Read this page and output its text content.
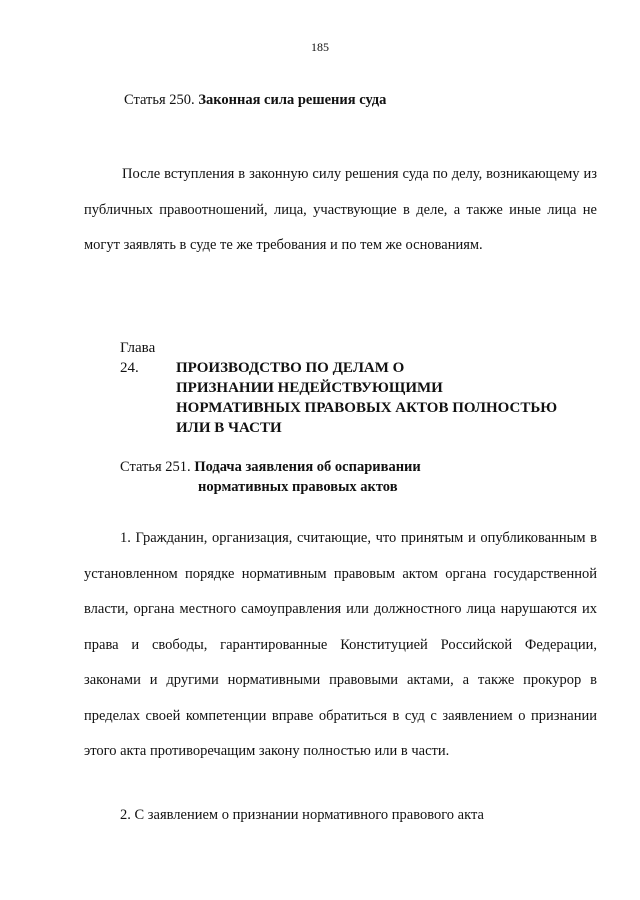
185
Статья 250. Законная сила решения суда
После вступления в законную силу решения суда по делу, возникающему из публичных правоотношений, лица, участвующие в деле, а также иные лица не могут заявлять в суде те же требования и по тем же основаниям.
Глава 24. ПРОИЗВОДСТВО ПО ДЕЛАМ О
ПРИЗНАНИИ НЕДЕЙСТВУЮЩИМИ
НОРМАТИВНЫХ ПРАВОВЫХ АКТОВ ПОЛНОСТЬЮ
ИЛИ В ЧАСТИ
Статья 251. Подача заявления об оспаривании
нормативных правовых актов
1. Гражданин, организация, считающие, что принятым и опубликованным в установленном порядке нормативным правовым актом органа государственной власти, органа местного самоуправления или должностного лица нарушаются их права и свободы, гарантированные Конституцией Российской Федерации, законами и другими нормативными правовыми актами, а также прокурор в пределах своей компетенции вправе обратиться в суд с заявлением о признании этого акта противоречащим закону полностью или в части.
2. С заявлением о признании нормативного правового акта
